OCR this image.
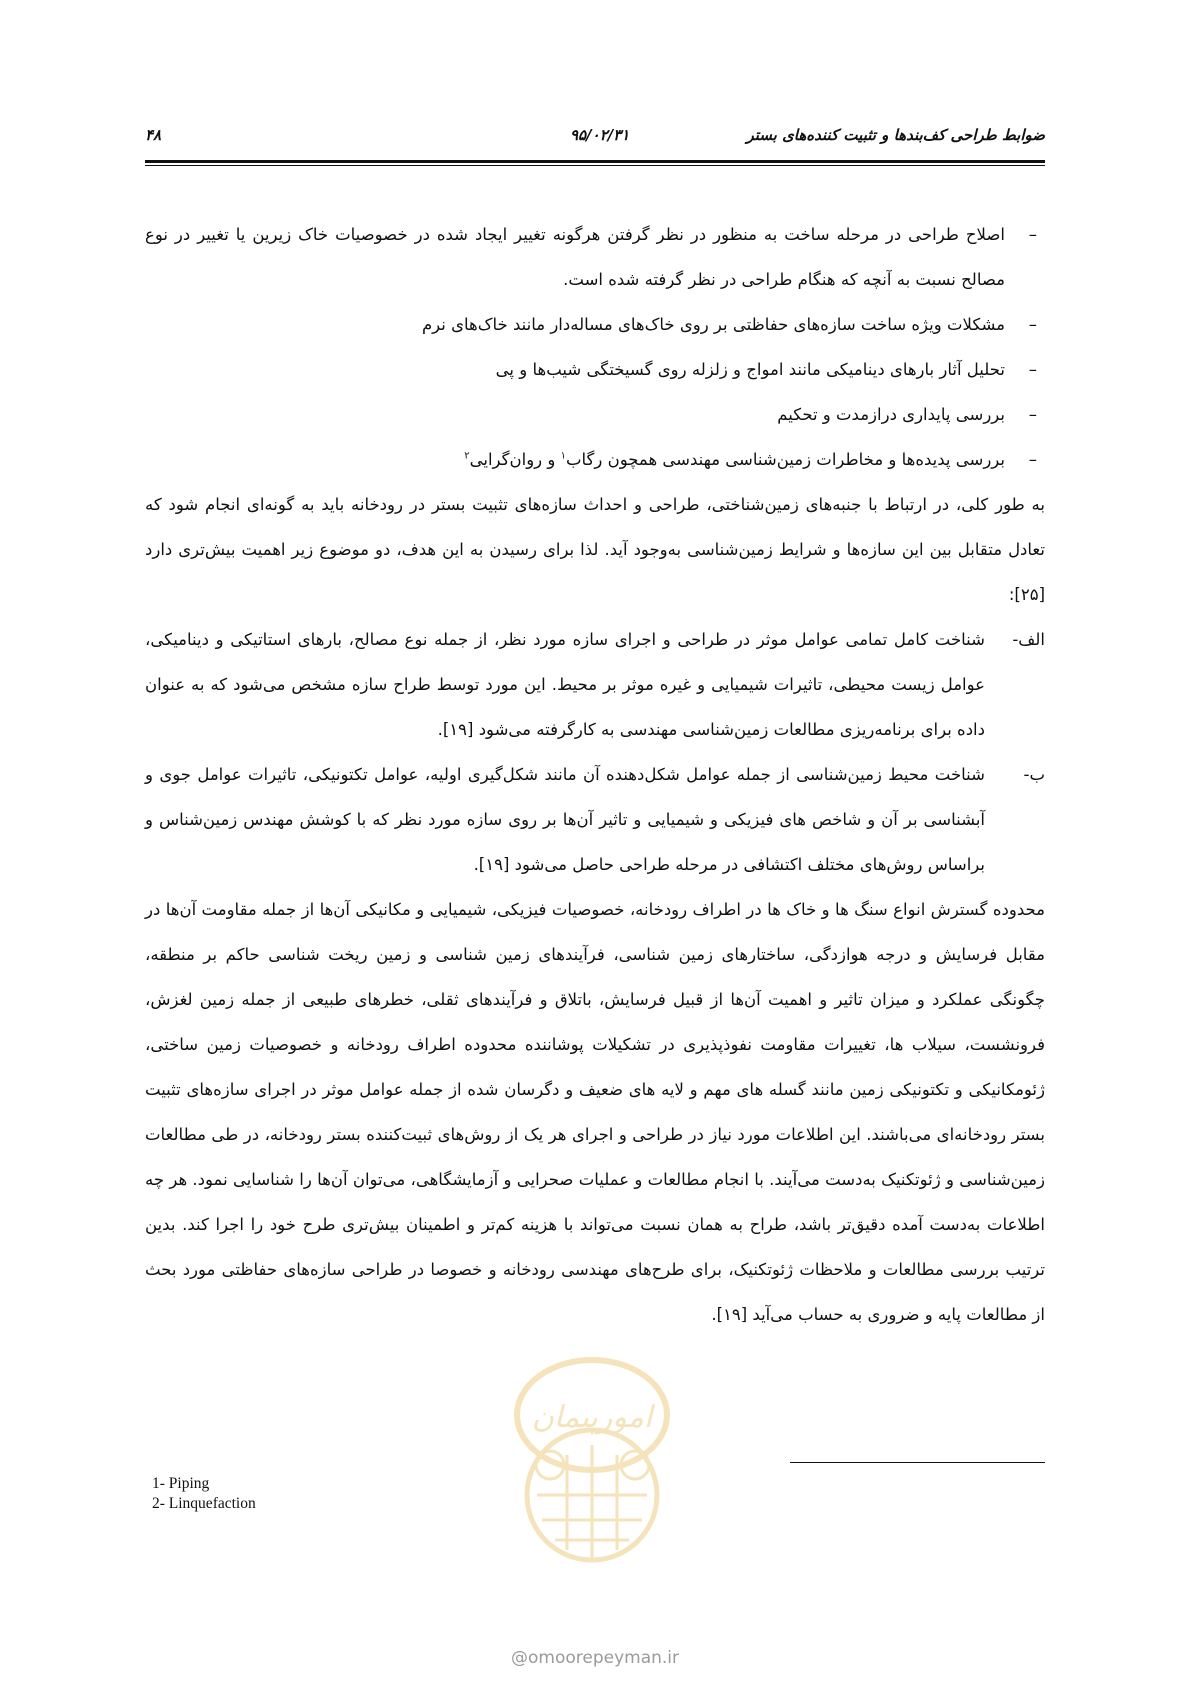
ضوابط طراحی کف‌بندها و تثبیت کننده‌های بستر
۹۵/۰۲/۳۱
۴۸
–
اصلاح طراحی در مرحله ساخت به منظور در نظر گرفتن هرگونه تغییر ایجاد شده در خصوصیات خاک زیرین یا تغییر در نوع مصالح نسبت به آنچه که هنگام طراحی در نظر گرفته شده است.
–
مشکلات ویژه ساخت سازه‌های حفاظتی بر روی خاک‌های مساله‌دار مانند خاک‌های نرم
–
تحلیل آثار بارهای دینامیکی مانند امواج و زلزله روی گسیختگی شیب‌ها و پی
–
بررسی پایداری درازمدت و تحکیم
–
بررسی پدیده‌ها و مخاطرات زمین‌شناسی مهندسی همچون رگاب$^۱$ و روان‌گرایی$^۲$

به طور کلی، در ارتباط با جنبه‌های زمین‌شناختی، طراحی و احداث سازه‌های تثبیت بستر در رودخانه باید به گونه‌ای انجام شود که تعادل متقابل بین این سازه‌ها و شرایط زمین‌شناسی به‌وجود آید. لذا برای رسیدن به این هدف، دو موضوع زیر اهمیت بیش‌تری دارد [۲۵]:

الف-
شناخت کامل تمامی عوامل موثر در طراحی و اجرای سازه مورد نظر، از جمله نوع مصالح، بارهای استاتیکی و دینامیکی، عوامل زیست محیطی، تاثیرات شیمیایی و غیره موثر بر محیط. این مورد توسط طراح سازه مشخص می‌شود که به عنوان داده برای برنامه‌ریزی مطالعات زمین‌شناسی مهندسی به کارگرفته می‌شود [۱۹].
ب-
شناخت محیط زمین‌شناسی از جمله عوامل شکل‌دهنده آن مانند شکل‌گیری اولیه، عوامل تکتونیکی، تاثیرات عوامل جوی و آبشناسی بر آن و شاخص های فیزیکی و شیمیایی و تاثیر آن‌ها بر روی سازه مورد نظر که با کوشش مهندس زمین‌شناس و براساس روش‌های مختلف اکتشافی در مرحله طراحی حاصل می‌شود [۱۹].

محدوده گسترش انواع سنگ ها و خاک ها در اطراف رودخانه، خصوصیات فیزیکی، شیمیایی و مکانیکی آن‌ها از جمله مقاومت آن‌ها در مقابل فرسایش و درجه هوازدگی، ساختارهای زمین شناسی، فرآیندهای زمین شناسی و زمین ریخت شناسی حاکم بر منطقه، چگونگی عملکرد و میزان تاثیر و اهمیت آن‌ها از قبیل فرسایش، باتلاق و فرآیندهای ثقلی، خطرهای طبیعی از جمله زمین لغزش، فرونشست، سیلاب ها، تغییرات مقاومت نفوذپذیری در تشکیلات پوشاننده محدوده اطراف رودخانه و خصوصیات زمین ساختی، ژئومکانیکی و تکتونیکی زمین مانند گسله های مهم و لایه های ضعیف و دگرسان شده از جمله عوامل موثر در اجرای سازه‌های تثبیت بستر رودخانه‌ای می‌باشند. این اطلاعات مورد نیاز در طراحی و اجرای هر یک از روش‌های ثبیت‌کننده بستر رودخانه، در طی مطالعات زمین‌شناسی و ژئوتکنیک به‌دست می‌آیند. با انجام مطالعات و عملیات صحرایی و آزمایشگاهی، می‌توان آن‌ها را شناسایی نمود. هر چه اطلاعات به‌دست آمده دقیق‌تر باشد، طراح به همان نسبت می‌تواند با هزینه کم‌تر و اطمینان بیش‌تری طرح خود را اجرا کند. بدین ترتیب بررسی مطالعات و ملاحظات ژئوتکنیک، برای طرح‌های مهندسی رودخانه و خصوصا در طراحی سازه‌های حفاظتی مورد بحث از مطالعات پایه و ضروری به حساب می‌آید [۱۹].

1- Piping
2- Linquefaction
امورپیمان
@omoorepeyman.ir
